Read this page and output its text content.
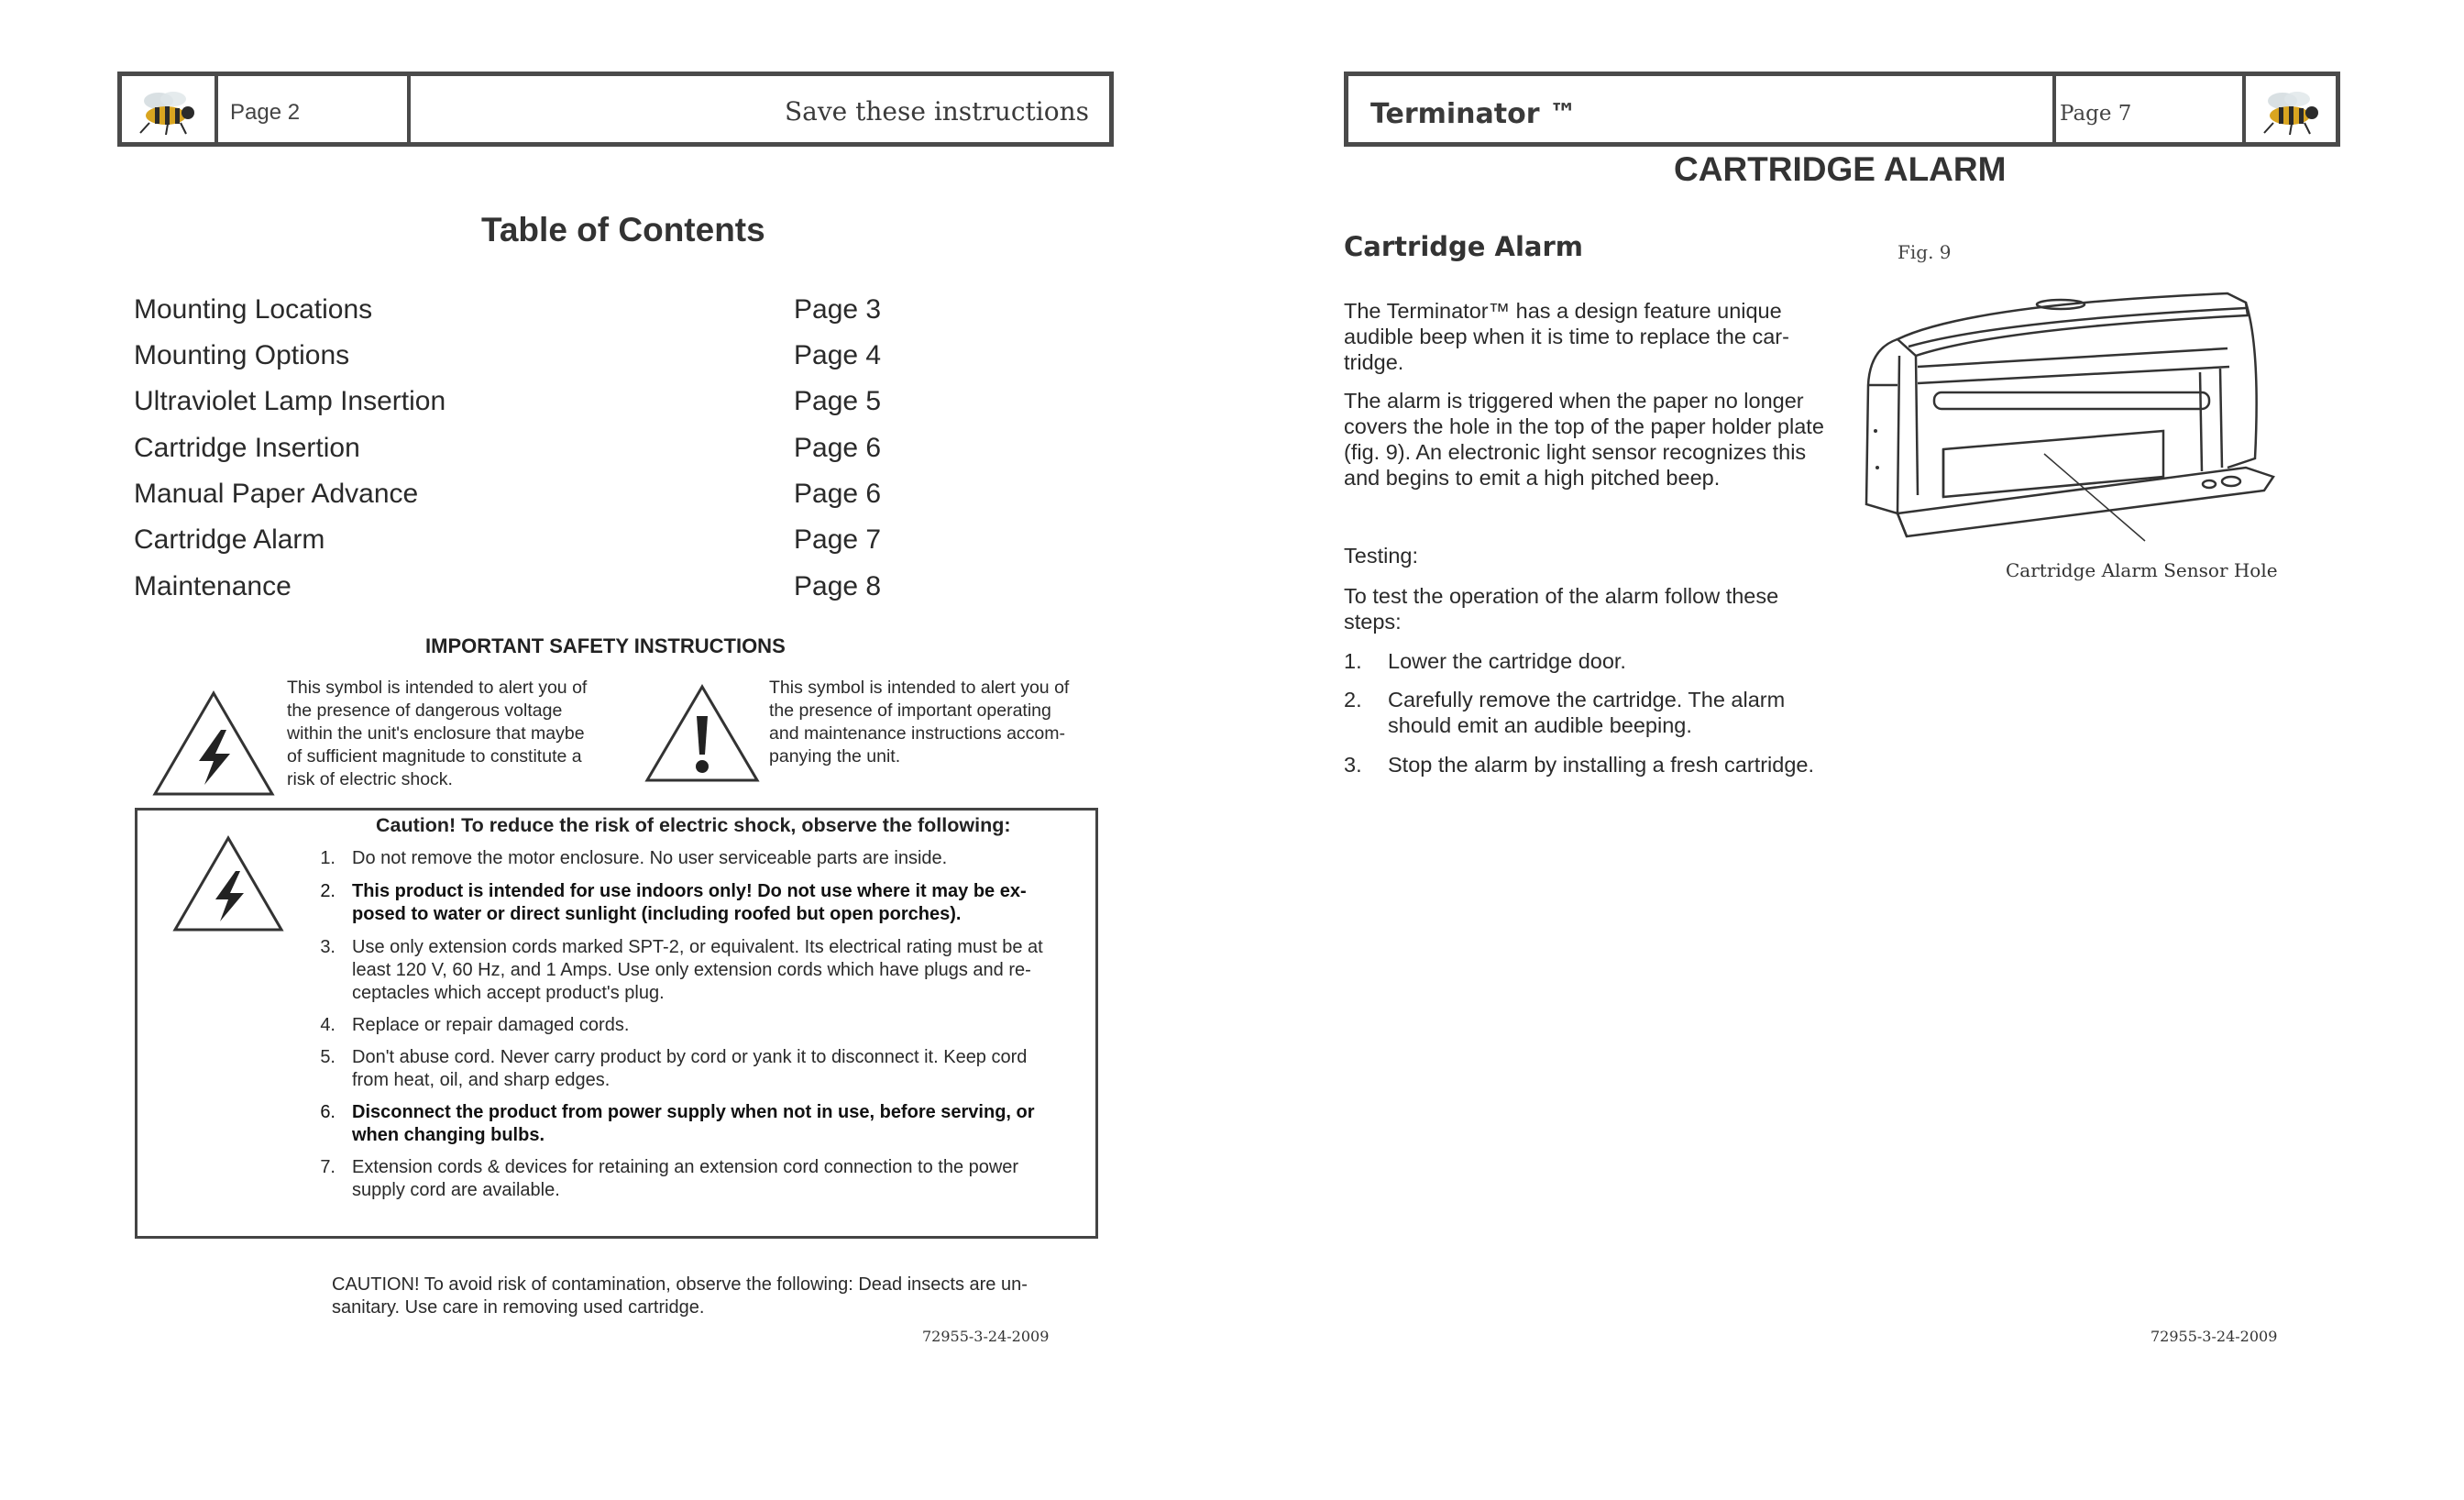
Page 2	Save these instructions
Table of Contents
Mounting Locations	Page 3
Mounting Options	Page 4
Ultraviolet Lamp Insertion	Page 5
Cartridge Insertion	Page 6
Manual Paper Advance	Page 6
Cartridge Alarm	Page 7
Maintenance	Page 8
IMPORTANT SAFETY INSTRUCTIONS
This symbol is intended to alert you of
the presence of dangerous voltage
within the unit's enclosure that maybe
of sufficient magnitude to constitute a
risk of electric shock.
This symbol is intended to alert you of
the presence of important operating
and maintenance instructions accom-
panying the unit.
Caution! To reduce the risk of electric shock, observe the following:
1. Do not remove the motor enclosure. No user serviceable parts are inside.
2. This product is intended for use indoors only! Do not use where it may be ex-
posed to water or direct sunlight (including roofed but open porches).
3. Use only extension cords marked SPT-2, or equivalent. Its electrical rating must be at
least 120 V, 60 Hz, and 1 Amps. Use only extension cords which have plugs and re-
ceptacles which accept product's plug.
4. Replace or repair damaged cords.
5. Don't abuse cord. Never carry product by cord or yank it to disconnect it. Keep cord
from heat, oil, and sharp edges.
6. Disconnect the product from power supply when not in use, before serving, or
when changing bulbs.
7. Extension cords & devices for retaining an extension cord connection to the power
supply cord are available.
CAUTION! To avoid risk of contamination, observe the following: Dead insects are un-
sanitary. Use care in removing used cartridge.
72955-3-24-2009
Terminator ™	Page 7
CARTRIDGE ALARM
Cartridge Alarm
The Terminator™ has a design feature unique
audible beep when it is time to replace the car-
tridge.
The alarm is triggered when the paper no longer
covers the hole in the top of the paper holder plate
(fig. 9). An electronic light sensor recognizes this
and begins to emit a high pitched beep.
Testing:
To test the operation of the alarm follow these
steps:
1. Lower the cartridge door.
2. Carefully remove the cartridge. The alarm
should emit an audible beeping.
3. Stop the alarm by installing a fresh cartridge.
Fig. 9
Cartridge Alarm Sensor Hole
72955-3-24-2009
